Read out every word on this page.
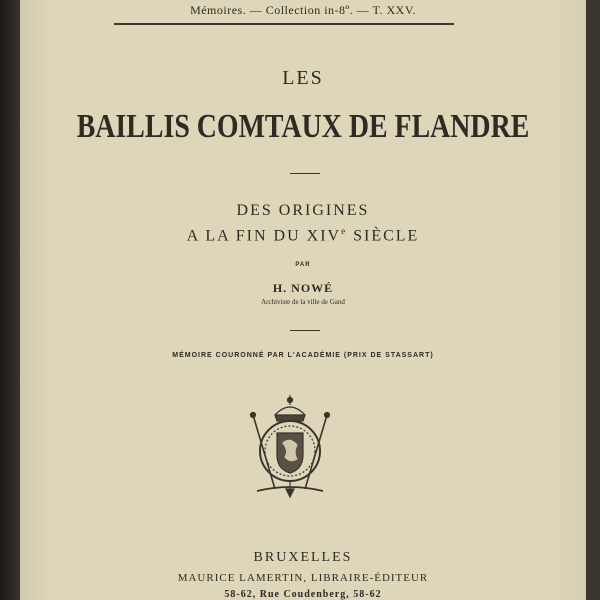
Mémoires. — Collection in-8º. — T. XXV.
LES
BAILLIS COMTAUX DE FLANDRE
DES ORIGINES
A LA FIN DU XIVe SIÈCLE
PAR
H. NOWÉ
Archiviste de la ville de Gand
MÉMOIRE COURONNÉ PAR L'ACADÉMIE (PRIX DE STASSART)
BRUXELLES
MAURICE LAMERTIN, LIBRAIRE-ÉDITEUR
58-62, Rue Coudenberg, 58-62
